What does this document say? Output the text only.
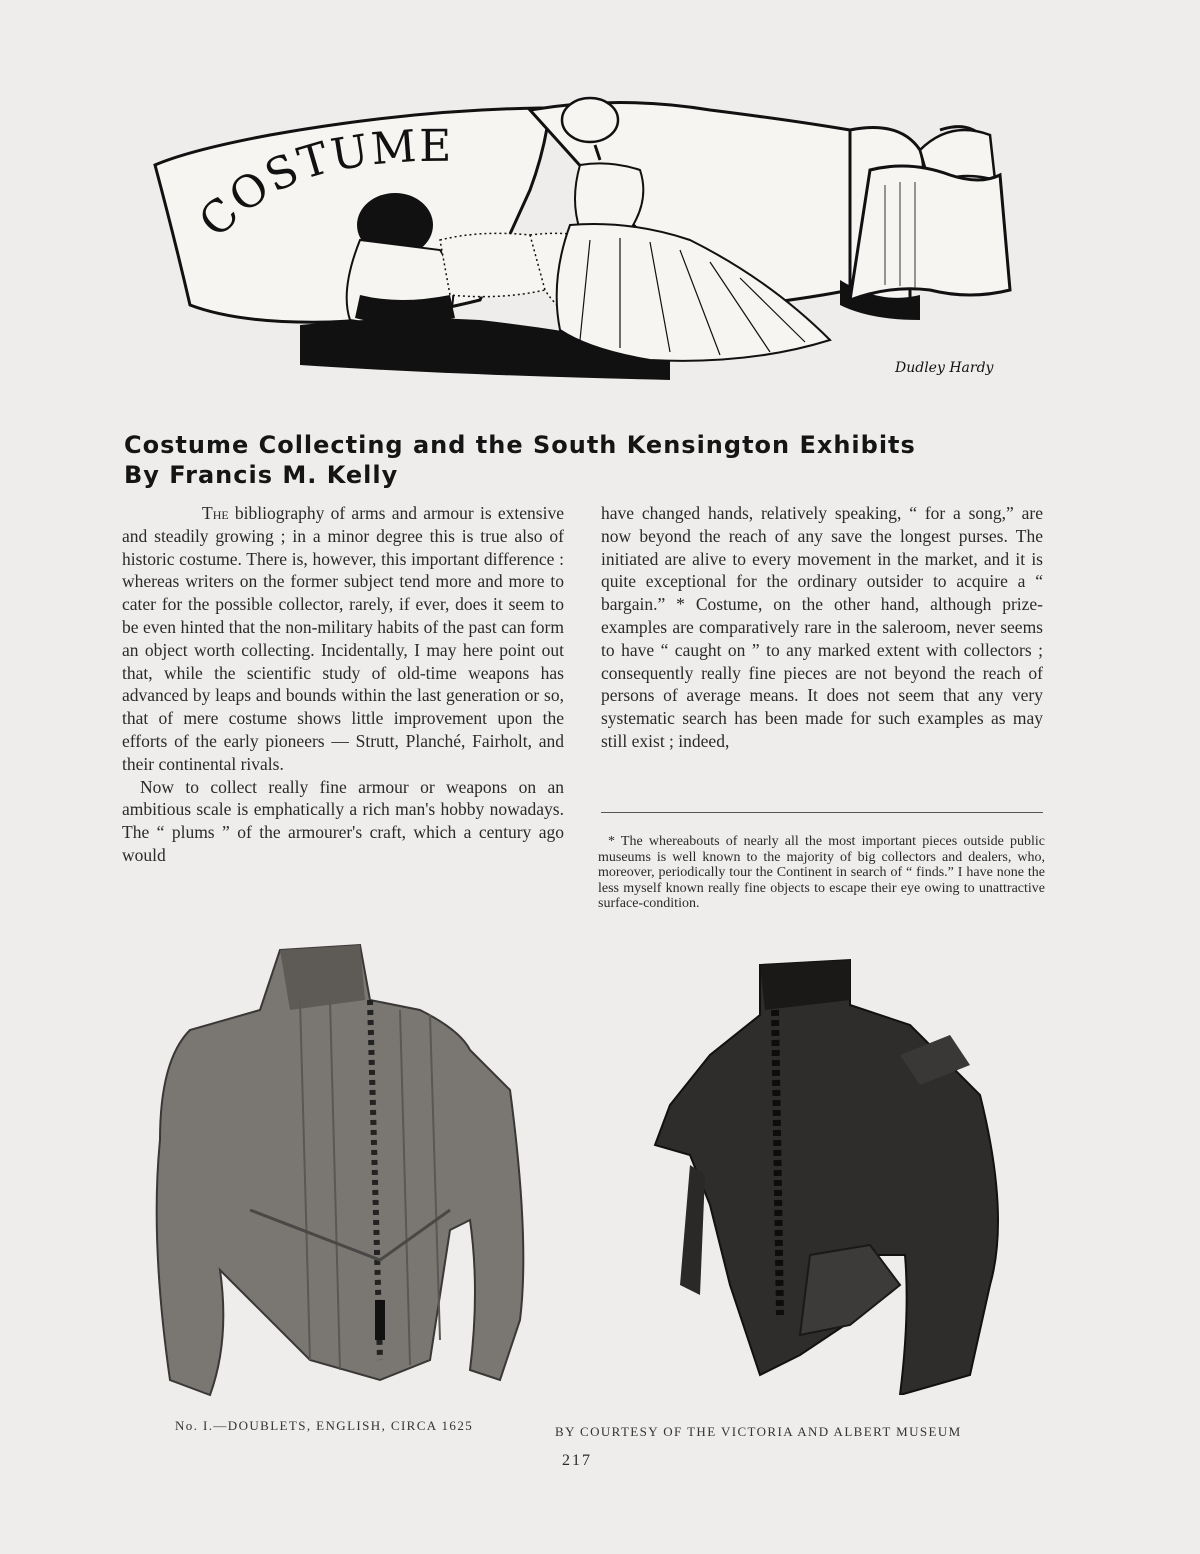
Dudley Hardy
COSTUME
Costume Collecting and the South Kensington Exhibits
By Francis M. Kelly

The bibliography of arms and armour is extensive and steadily growing ; in a minor degree this is true also of historic costume. There is, however, this important difference : whereas writers on the former subject tend more and more to cater for the possible collector, rarely, if ever, does it seem to be even hinted that the non-military habits of the past can form an object worth collecting. Incidentally, I may here point out that, while the scientific study of old-time weapons has advanced by leaps and bounds within the last generation or so, that of mere costume shows little improvement upon the efforts of the early pioneers — Strutt, Planché, Fairholt, and their continental rivals.

Now to collect really fine armour or weapons on an ambitious scale is emphatically a rich man's hobby nowadays. The “ plums ” of the armourer's craft, which a century ago would

have changed hands, relatively speaking, “ for a song,” are now beyond the reach of any save the longest purses. The initiated are alive to every movement in the market, and it is quite exceptional for the ordinary outsider to acquire a “ bargain.” * Costume, on the other hand, although prize-examples are comparatively rare in the saleroom, never seems to have “ caught on ” to any marked extent with collectors ; consequently really fine pieces are not beyond the reach of persons of average means. It does not seem that any very systematic search has been made for such examples as may still exist ; indeed,

* The whereabouts of nearly all the most important pieces outside public museums is well known to the majority of big collectors and dealers, who, moreover, periodically tour the Continent in search of “ finds.” I have none the less myself known really fine objects to escape their eye owing to unattractive surface-condition.

No. I.—DOUBLETS, ENGLISH, CIRCA 1625	BY COURTESY OF THE VICTORIA AND ALBERT MUSEUM
217
